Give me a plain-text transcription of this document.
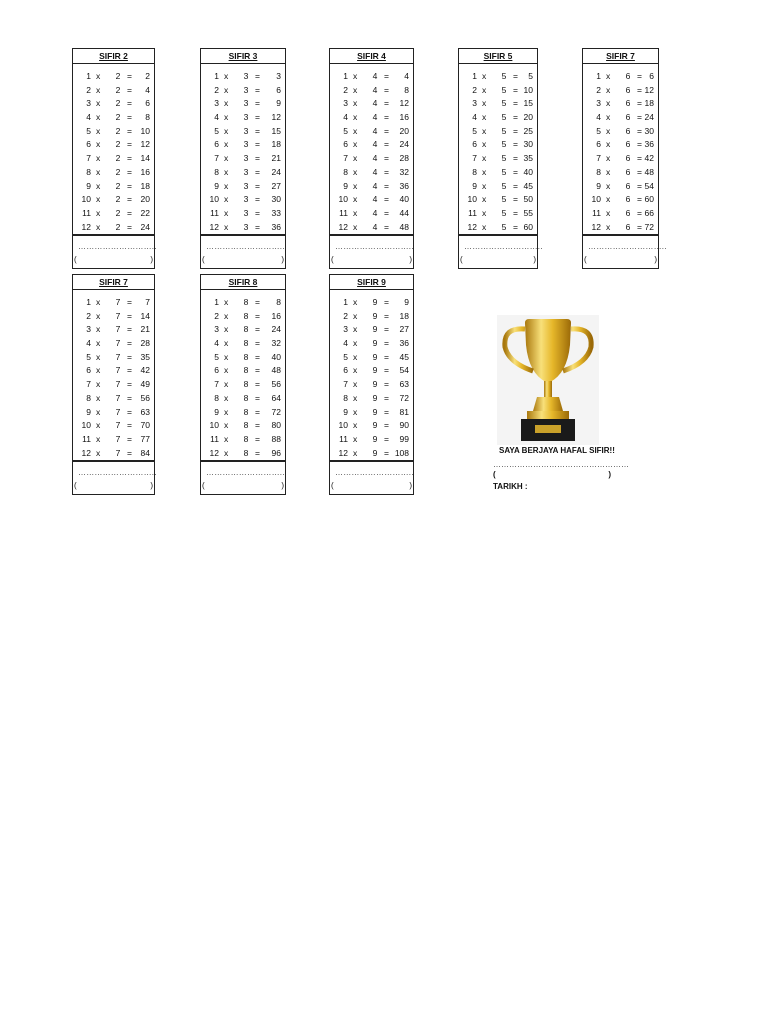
SIFIR 2
1 x	2 = 2
2 x	2 = 4
3 x	2 = 6
4 x	2 = 8
5 x	2 = 10
6 x	2 = 12
7 x	2 = 14
8 x	2 = 16
9 x	2 = 18
10 x	2 = 20
11 x	2 = 22
12 x	2 = 24
………………………..
(	)
SIFIR 3
1 x	3 = 3
2 x	3 = 6
3 x	3 = 9
4 x	3 = 12
5 x	3 = 15
6 x	3 = 18
7 x	3 = 21
8 x	3 = 24
9 x	3 = 27
10 x	3 = 30
11 x	3 = 33
12 x	3 = 36
………………………..
(	)
SIFIR 4
1 x	4 = 4
2 x	4 = 8
3 x	4 = 12
4 x	4 = 16
5 x	4 = 20
6 x	4 = 24
7 x	4 = 28
8 x	4 = 32
9 x	4 = 36
10 x	4 = 40
11 x	4 = 44
12 x	4 = 48
………………………..
(	)
SIFIR 5
1 x	5 = 5
2 x	5 = 10
3 x	5 = 15
4 x	5 = 20
5 x	5 = 25
6 x	5 = 30
7 x	5 = 35
8 x	5 = 40
9 x	5 = 45
10 x	5 = 50
11 x	5 = 55
12 x	5 = 60
………………………..
(	)
SIFIR 7
1 x	6 = 6
2 x	6 = 12
3 x	6 = 18
4 x	6 = 24
5 x	6 = 30
6 x	6 = 36
7 x	6 = 42
8 x	6 = 48
9 x	6 = 54
10 x	6 = 60
11 x	6 = 66
12 x	6 = 72
………………………..
(	)
SIFIR 7
1 x	7 = 7
2 x	7 = 14
3 x	7 = 21
4 x	7 = 28
5 x	7 = 35
6 x	7 = 42
7 x	7 = 49
8 x	7 = 56
9 x	7 = 63
10 x	7 = 70
11 x	7 = 77
12 x	7 = 84
………………………..
(	)
SIFIR 8
1 x	8 = 8
2 x	8 = 16
3 x	8 = 24
4 x	8 = 32
5 x	8 = 40
6 x	8 = 48
7 x	8 = 56
8 x	8 = 64
9 x	8 = 72
10 x	8 = 80
11 x	8 = 88
12 x	8 = 96
………………………..
(	)
SIFIR 9
1 x	9 = 9
2 x	9 = 18
3 x	9 = 27
4 x	9 = 36
5 x	9 = 45
6 x	9 = 54
7 x	9 = 63
8 x	9 = 72
9 x	9 = 81
10 x	9 = 90
11 x	9 = 99
12 x	9 = 108
………………………..
(	)
SAYA BERJAYA HAFAL SIFIR!!
……………………………………………
(	)
TARIKH :
